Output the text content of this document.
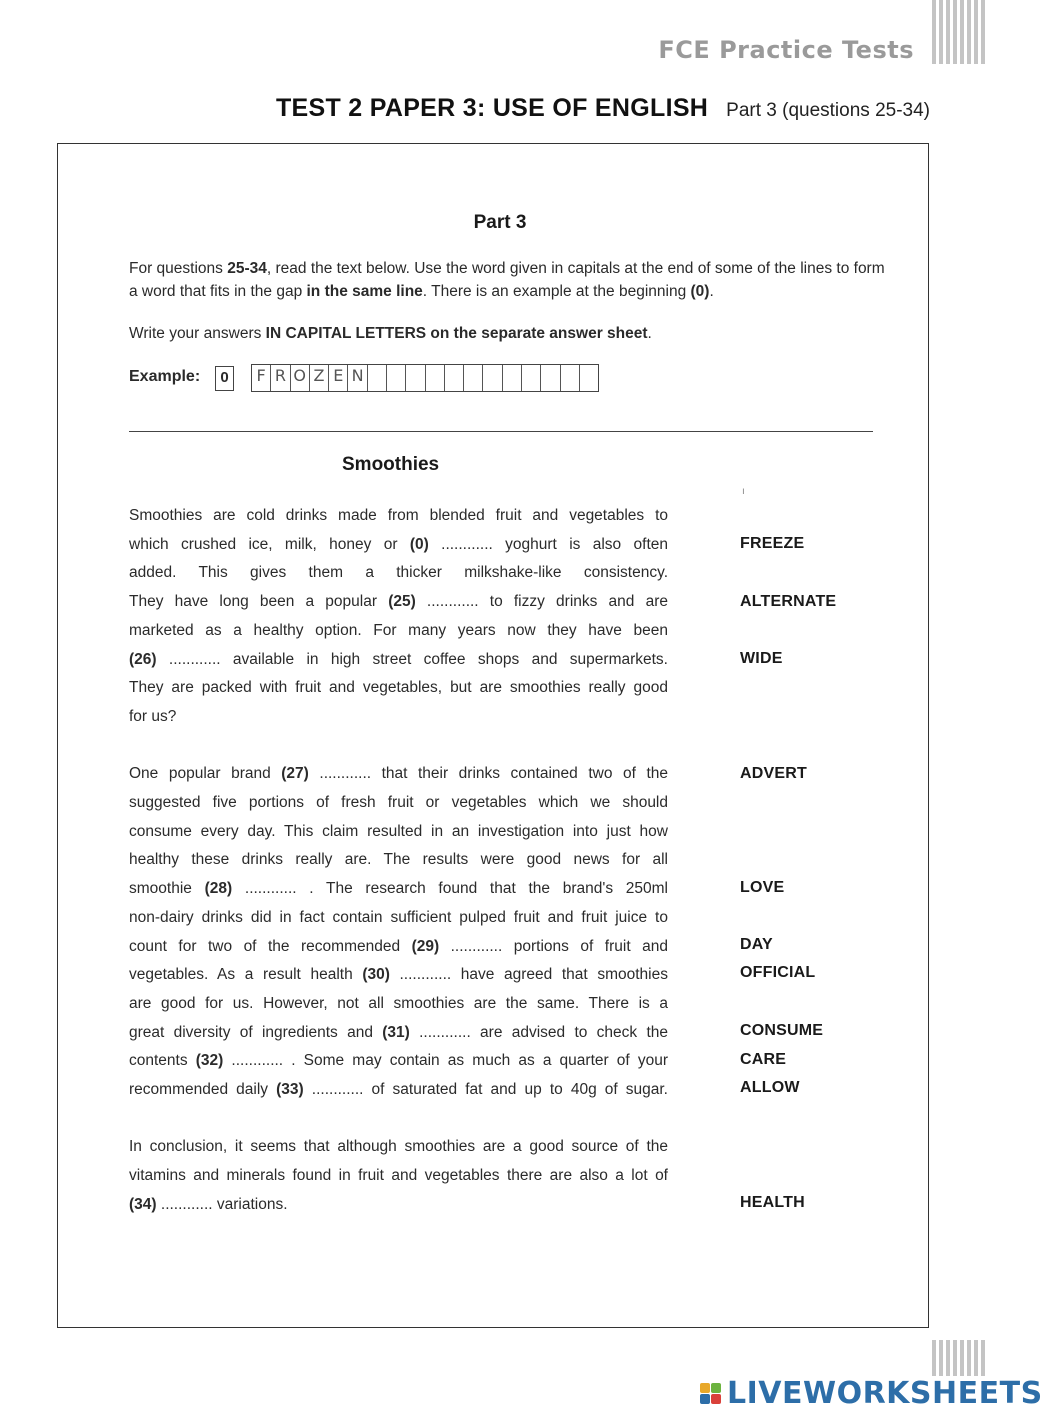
FCE Practice Tests
TEST 2 PAPER 3: USE OF ENGLISH Part 3 (questions 25-34)
Part 3
For questions 25-34, read the text below. Use the word given in capitals at the end of some of the lines to form a word that fits in the gap in the same line. There is an example at the beginning (0).
Write your answers IN CAPITAL LETTERS on the separate answer sheet.
Example:	0	F R O Z E N
Smoothies
ı

Smoothies are cold drinks made from blended fruit and vegetables to
which crushed ice, milk, honey or (0) ............ yoghurt is also often
added. This gives them a thicker milkshake-like consistency.
They have long been a popular (25) ............ to fizzy drinks and are
marketed as a healthy option. For many years now they have been
(26) ............ available in high street coffee shops and supermarkets.
They are packed with fruit and vegetables, but are smoothies really good
for us?

One popular brand (27) ............ that their drinks contained two of the
suggested five portions of fresh fruit or vegetables which we should
consume every day. This claim resulted in an investigation into just how
healthy these drinks really are. The results were good news for all
smoothie (28) ............ . The research found that the brand's 250ml
non-dairy drinks did in fact contain sufficient pulped fruit and fruit juice to
count for two of the recommended (29) ............ portions of fruit and
vegetables. As a result health (30) ............ have agreed that smoothies
are good for us. However, not all smoothies are the same. There is a
great diversity of ingredients and (31) ............ are advised to check the
contents (32) ............ . Some may contain as much as a quarter of your
recommended daily (33) ............ of saturated fat and up to 40g of sugar.

In conclusion, it seems that although smoothies are a good source of the
vitamins and minerals found in fruit and vegetables there are also a lot of
(34) ............ variations.

FREEZE
ALTERNATE
WIDE
ADVERT
LOVE
DAY
OFFICIAL
CONSUME
CARE
ALLOW
HEALTH
LIVEWORKSHEETS
